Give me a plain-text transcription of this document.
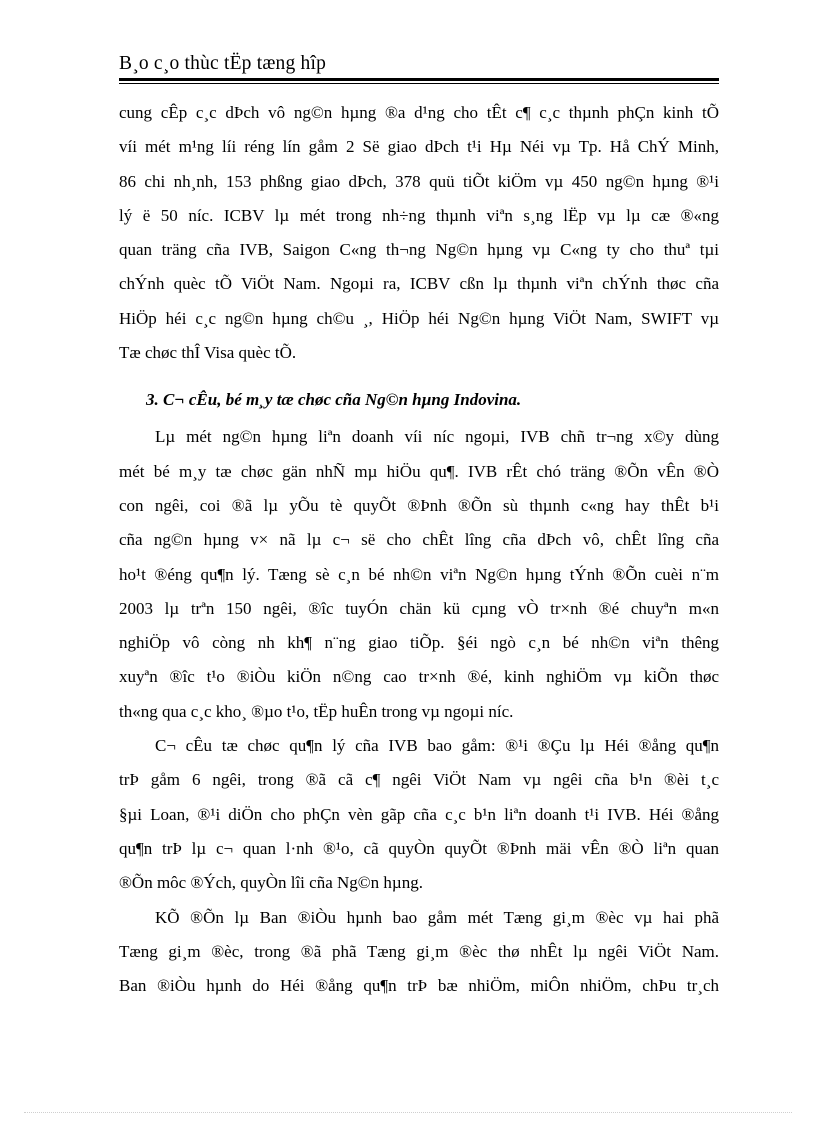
B¸o c¸o thùc tËp tæng hîp

cung cÊp c¸c dÞch vô ng©n hµng ®a d¹ng cho tÊt c¶ c¸c thµnh phÇn kinh tÕ
víi mét m¹ng líi réng lín gåm 2 Së giao dÞch t¹i Hµ Néi vµ Tp. Hå ChÝ Minh,
86 chi nh¸nh, 153 phßng giao dÞch, 378 quü tiÕt kiÖm vµ 450 ng©n hµng ®¹i
lý ë 50 níc. ICBV lµ mét trong nh÷ng thµnh viªn s¸ng lËp vµ lµ cæ ®«ng
quan träng cña IVB, Saigon C«ng th¬ng Ng©n hµng vµ C«ng ty cho thuª tµi
chÝnh quèc tÕ ViÖt Nam. Ngoµi ra, ICBV cßn lµ thµnh viªn chÝnh thøc cña
HiÖp héi c¸c ng©n hµng ch©u ¸, HiÖp héi Ng©n hµng ViÖt Nam, SWIFT vµ
Tæ chøc thÎ Visa quèc tÕ.

3. C¬ cÊu, bé m¸y tæ chøc cña Ng©n hµng Indovina.

Lµ mét ng©n hµng liªn doanh víi níc ngoµi, IVB chñ tr¬ng x©y dùng
mét bé m¸y tæ chøc gän nhÑ mµ hiÖu qu¶. IVB rÊt chó träng ®Õn vÊn ®Ò
con ngêi, coi ®ã lµ yÕu tè quyÕt ®Þnh ®Õn sù thµnh c«ng hay thÊt b¹i
cña ng©n hµng v× nã lµ c¬ së cho chÊt lîng cña dÞch vô, chÊt lîng cña
ho¹t ®éng qu¶n lý. Tæng sè c¸n bé nh©n viªn Ng©n hµng tÝnh ®Õn cuèi n¨m
2003 lµ trªn 150 ngêi, ®îc tuyÓn chän kü cµng vÒ tr×nh ®é chuyªn m«n
nghiÖp vô còng nh kh¶ n¨ng giao tiÕp. §éi ngò c¸n bé nh©n viªn thêng
xuyªn ®îc t¹o ®iÒu kiÖn n©ng cao tr×nh ®é, kinh nghiÖm vµ kiÕn thøc
th«ng qua c¸c kho¸ ®µo t¹o, tËp huÊn trong vµ ngoµi níc.

C¬ cÊu tæ chøc qu¶n lý cña IVB bao gåm: ®¹i ®Çu lµ Héi ®ång qu¶n
trÞ gåm 6 ngêi, trong ®ã cã c¶ ngêi ViÖt Nam vµ ngêi cña b¹n ®èi t¸c
§µi Loan, ®¹i diÖn cho phÇn vèn gãp cña c¸c b¹n liªn doanh t¹i IVB. Héi ®ång
qu¶n trÞ lµ c¬ quan l·nh ®¹o, cã quyÒn quyÕt ®Þnh mäi vÊn ®Ò liªn quan
®Õn môc ®Ých, quyÒn lîi cña Ng©n hµng.

KÕ ®Õn lµ Ban ®iÒu hµnh bao gåm mét Tæng gi¸m ®èc vµ hai phã
Tæng gi¸m ®èc, trong ®ã phã Tæng gi¸m ®èc thø nhÊt lµ ngêi ViÖt Nam.
Ban ®iÒu hµnh do Héi ®ång qu¶n trÞ bæ nhiÖm, miÔn nhiÖm, chÞu tr¸ch
